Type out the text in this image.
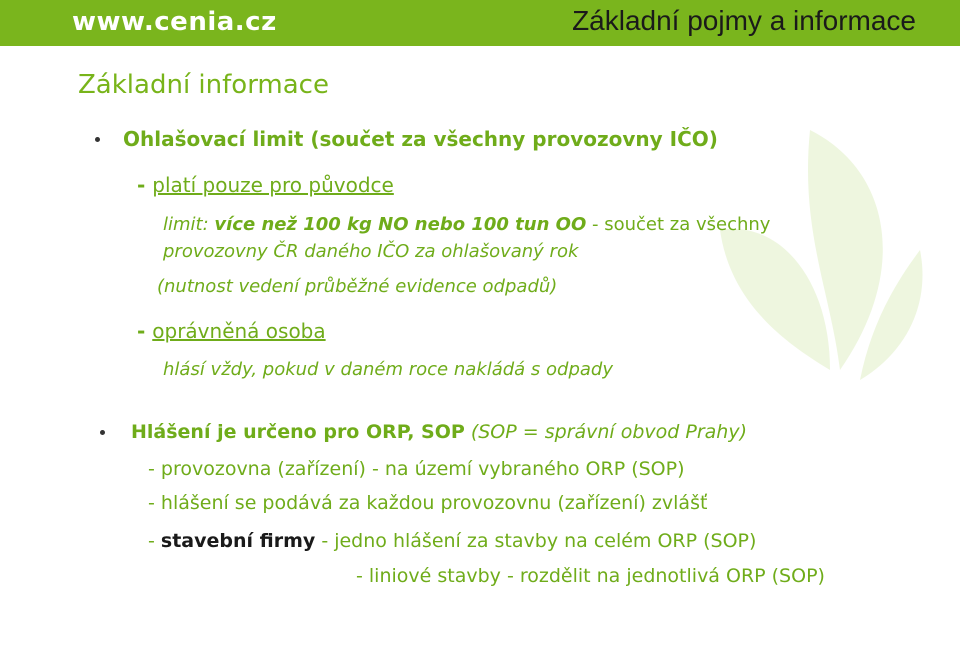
www.cenia.cz	Základní pojmy a informace
Základní informace
Ohlašovací limit (součet za všechny provozovny IČO)
- platí pouze pro původce
limit: více než 100 kg NO nebo 100 tun OO - součet za všechny
provozovny ČR daného IČO za ohlašovaný rok
(nutnost vedení průběžné evidence odpadů)
- oprávněná osoba
hlásí vždy, pokud v daném roce nakládá s odpady
Hlášení je určeno pro ORP, SOP (SOP = správní obvod Prahy)
- provozovna (zařízení) - na území vybraného ORP (SOP)
- hlášení se podává za každou provozovnu (zařízení) zvlášť
- stavební firmy - jedno hlášení za stavby na celém ORP (SOP)
- liniové stavby - rozdělit na jednotlivá ORP (SOP)
